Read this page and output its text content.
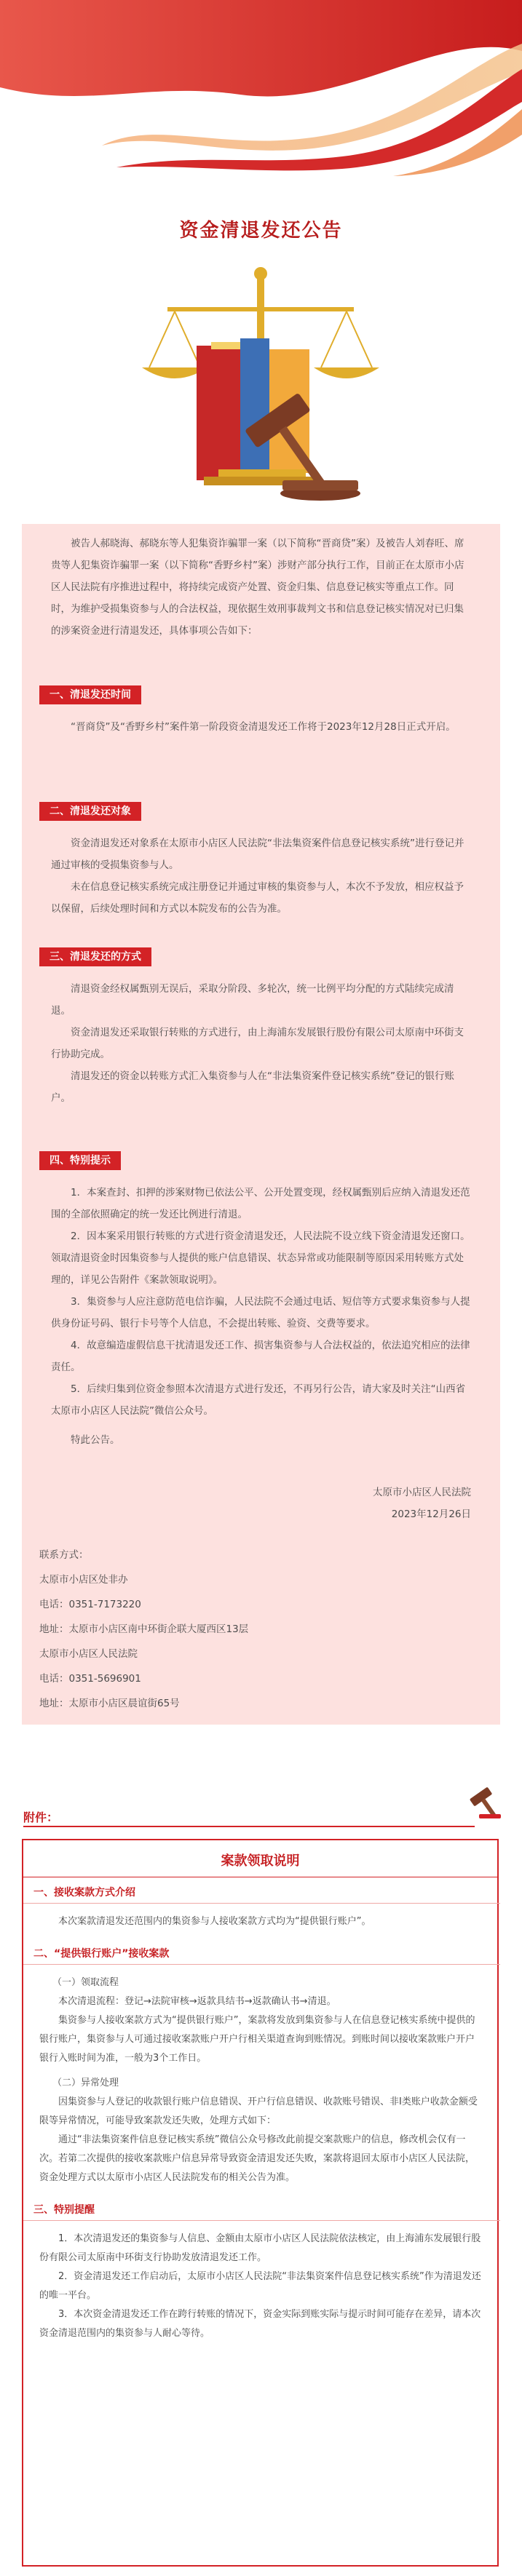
资金清退发还公告

被告人郝晓海、郝晓东等人犯集资诈骗罪一案（以下简称“晋商贷”案）及被告人刘春旺、席贵等人犯集资诈骗罪一案（以下简称“香野乡村”案）涉财产部分执行工作，目前正在太原市小店区人民法院有序推进过程中，将持续完成资产处置、资金归集、信息登记核实等重点工作。同时，为维护受损集资参与人的合法权益，现依据生效刑事裁判文书和信息登记核实情况对已归集的涉案资金进行清退发还，具体事项公告如下：

一、清退发还时间

“晋商贷”及“香野乡村”案件第一阶段资金清退发还工作将于2023年12月28日正式开启。

二、清退发还对象

资金清退发还对象系在太原市小店区人民法院“非法集资案件信息登记核实系统”进行登记并通过审核的受损集资参与人。

未在信息登记核实系统完成注册登记并通过审核的集资参与人，本次不予发放，相应权益予以保留，后续处理时间和方式以本院发布的公告为准。

三、清退发还的方式

清退资金经权属甄别无误后，采取分阶段、多轮次，统一比例平均分配的方式陆续完成清退。

资金清退发还采取银行转账的方式进行，由上海浦东发展银行股份有限公司太原南中环街支行协助完成。

清退发还的资金以转账方式汇入集资参与人在“非法集资案件登记核实系统”登记的银行账户。

四、特别提示

1．本案查封、扣押的涉案财物已依法公平、公开处置变现，经权属甄别后应纳入清退发还范围的全部依照确定的统一发还比例进行清退。

2．因本案采用银行转账的方式进行资金清退发还，人民法院不设立线下资金清退发还窗口。领取清退资金时因集资参与人提供的账户信息错误、状态异常或功能限制等原因采用转账方式处理的，详见公告附件《案款领取说明》。

3．集资参与人应注意防范电信诈骗，人民法院不会通过电话、短信等方式要求集资参与人提供身份证号码、银行卡号等个人信息，不会提出转账、验资、交费等要求。

4．故意编造虚假信息干扰清退发还工作、损害集资参与人合法权益的，依法追究相应的法律责任。

5．后续归集到位资金参照本次清退方式进行发还，不再另行公告，请大家及时关注“山西省太原市小店区人民法院”微信公众号。

特此公告。

太原市小店区人民法院
2023年12月26日
联系方式：
太原市小店区处非办
电话：0351-7173220
地址：太原市小店区南中环街企联大厦西区13层
太原市小店区人民法院
电话：0351-5696901
地址：太原市小店区晨谊街65号
附件：
案款领取说明
一、接收案款方式介绍

本次案款清退发还范围内的集资参与人接收案款方式均为“提供银行账户”。

二、“提供银行账户”接收案款
（一）领取流程

本次清退流程：登记→法院审核→返款具结书→返款确认书→清退。

集资参与人接收案款方式为“提供银行账户”，案款将发放到集资参与人在信息登记核实系统中提供的银行账户，集资参与人可通过接收案款账户开户行相关渠道查询到账情况。到账时间以接收案款账户开户银行入账时间为准，一般为3个工作日。

（二）异常处理

因集资参与人登记的收款银行账户信息错误、开户行信息错误、收款账号错误、非Ⅰ类账户收款金额受限等异常情况，可能导致案款发还失败，处理方式如下：

通过“非法集资案件信息登记核实系统”微信公众号修改此前提交案款账户的信息，修改机会仅有一次。若第二次提供的接收案款账户信息异常导致资金清退发还失败，案款将退回太原市小店区人民法院，资金处理方式以太原市小店区人民法院发布的相关公告为准。

三、特别提醒

1．本次清退发还的集资参与人信息、金额由太原市小店区人民法院依法核定，由上海浦东发展银行股份有限公司太原南中环街支行协助发放清退发还工作。

2．资金清退发还工作启动后，太原市小店区人民法院“非法集资案件信息登记核实系统”作为清退发还的唯一平台。

3．本次资金清退发还工作在跨行转账的情况下，资金实际到账实际与提示时间可能存在差异，请本次资金清退范围内的集资参与人耐心等待。
